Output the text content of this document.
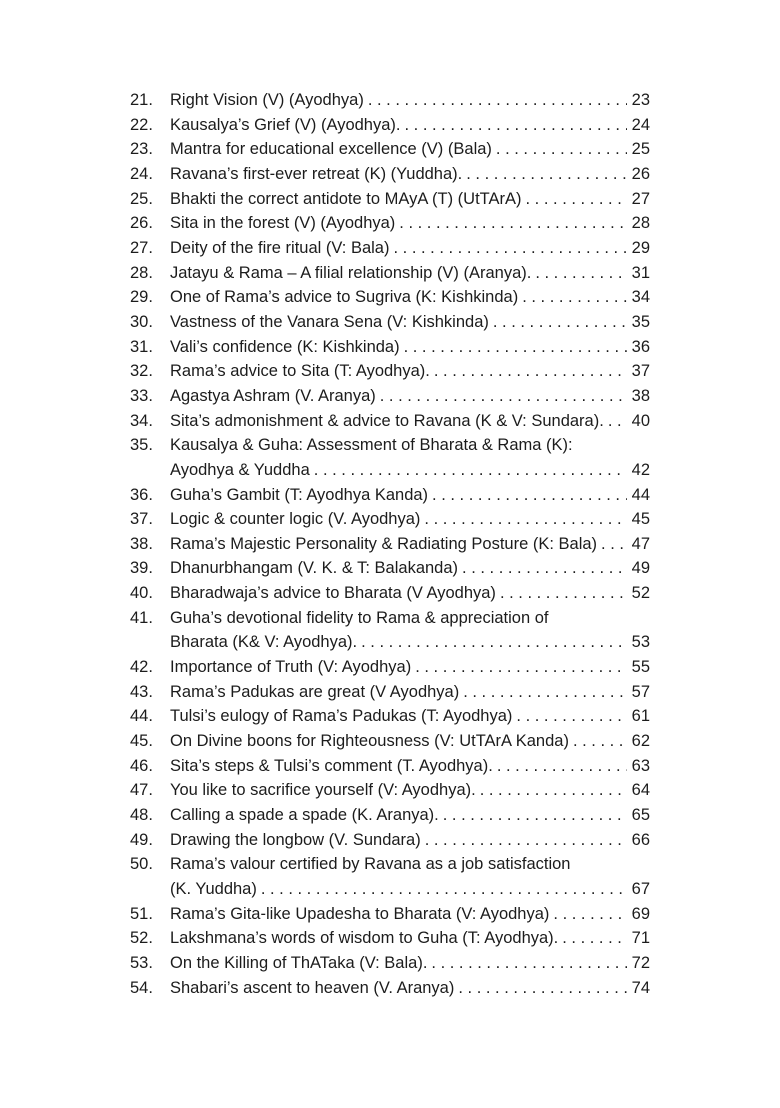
21.	Right Vision (V) (Ayodhya) . . .	23
22.	Kausalya’s Grief (V) (Ayodhya). . . .	24
23.	Mantra for educational excellence (V) (Bala) . . .	25
24.	Ravana’s first-ever retreat (K) (Yuddha). . . .	26
25.	Bhakti the correct antidote to MAyA (T) (UtTArA) . . .	27
26.	Sita in the forest (V) (Ayodhya) . . .	28
27.	Deity of the fire ritual (V: Bala) . . .	29
28.	Jatayu & Rama – A filial relationship (V) (Aranya). . . .	31
29.	One of Rama’s advice to Sugriva (K: Kishkinda) . . .	34
30.	Vastness of the Vanara Sena (V: Kishkinda) . . .	35
31.	Vali’s confidence (K: Kishkinda) . . .	36
32.	Rama’s advice to Sita (T: Ayodhya). . . .	37
33.	Agastya Ashram (V. Aranya) . . .	38
34.	Sita’s admonishment & advice to Ravana (K & V: Sundara). . . . 40
35.	Kausalya & Guha: Assessment of Bharata & Rama (K):
Ayodhya & Yuddha . . .	42
36.	Guha’s Gambit (T: Ayodhya Kanda) . . .	44
37.	Logic & counter logic (V. Ayodhya) . . .	45
38.	Rama’s Majestic Personality & Radiating Posture (K: Bala) . . . 47
39.	Dhanurbhangam (V. K. & T: Balakanda) . . .	49
40.	Bharadwaja’s advice to Bharata (V Ayodhya) . . .	52
41.	Guha’s devotional fidelity to Rama & appreciation of
Bharata (K& V: Ayodhya). . . .	53
42.	Importance of Truth (V: Ayodhya) . . .	55
43.	Rama’s Padukas are great (V Ayodhya) . . .	57
44.	Tulsi’s eulogy of Rama’s Padukas (T: Ayodhya) . . .	61
45.	On Divine boons for Righteousness (V: UtTArA Kanda) . . .	62
46.	Sita’s steps & Tulsi’s comment (T. Ayodhya). . . .	63
47.	You like to sacrifice yourself (V: Ayodhya). . . .	64
48.	Calling a spade a spade (K. Aranya). . . .	65
49.	Drawing the longbow (V. Sundara) . . .	66
50.	Rama’s valour certified by Ravana as a job satisfaction
(K. Yuddha) . . .	67
51.	Rama’s Gita-like Upadesha to Bharata (V: Ayodhya) . . .	69
52.	Lakshmana’s words of wisdom to Guha (T: Ayodhya). . . .	71
53.	On the Killing of ThATaka (V: Bala). . . .	72
54.	Shabari’s ascent to heaven (V. Aranya) . . .	74
